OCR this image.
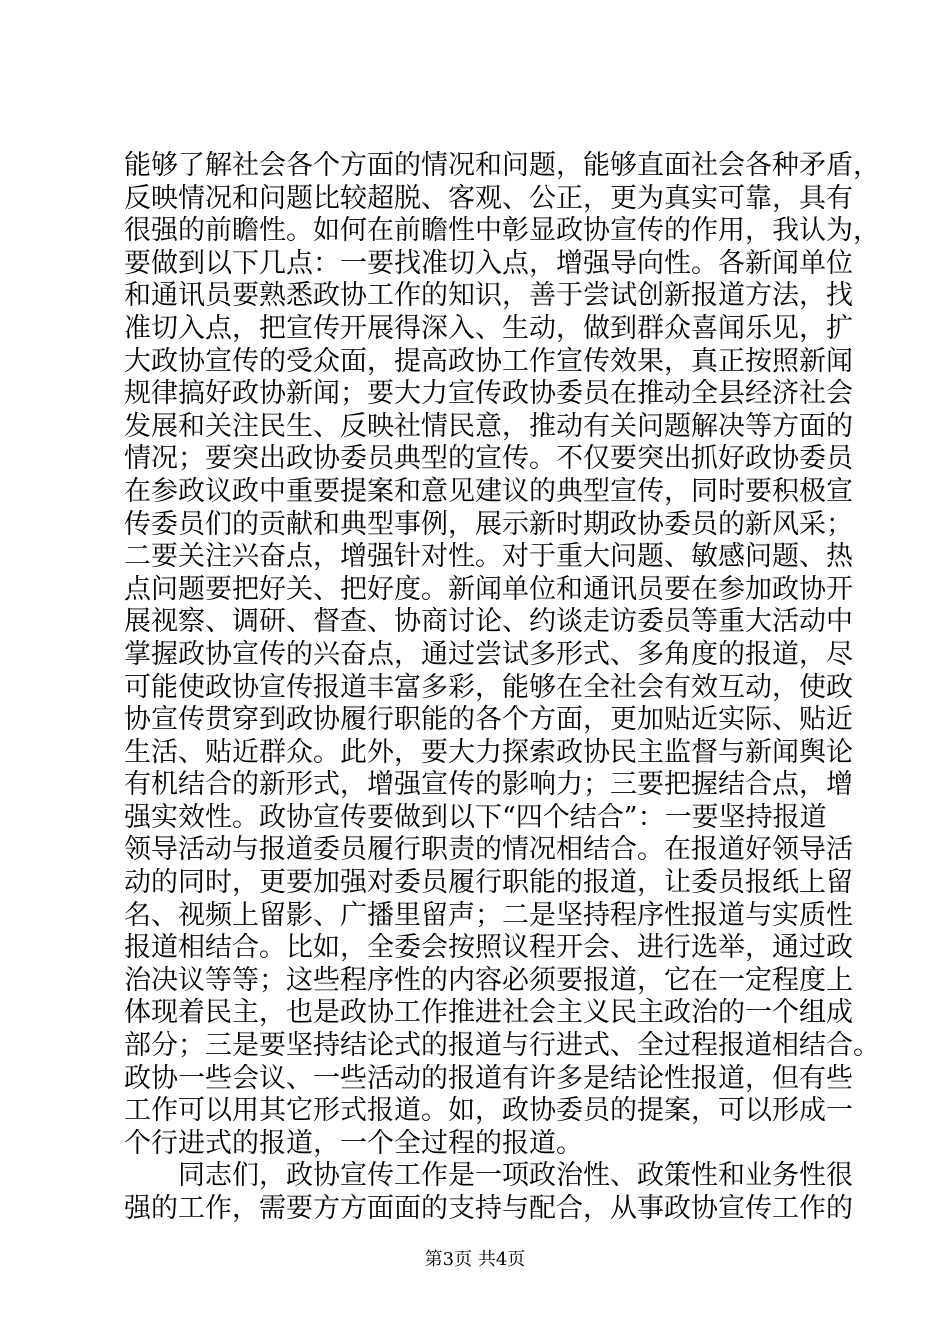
能够了解社会各个方面的情况和问题，能够直面社会各种矛盾，
反映情况和问题比较超脱、客观、公正，更为真实可靠，具有
很强的前瞻性。如何在前瞻性中彰显政协宣传的作用，我认为，
要做到以下几点：一要找准切入点，增强导向性。各新闻单位
和通讯员要熟悉政协工作的知识，善于尝试创新报道方法，找
准切入点，把宣传开展得深入、生动，做到群众喜闻乐见，扩
大政协宣传的受众面，提高政协工作宣传效果，真正按照新闻
规律搞好政协新闻；要大力宣传政协委员在推动全县经济社会
发展和关注民生、反映社情民意，推动有关问题解决等方面的
情况；要突出政协委员典型的宣传。不仅要突出抓好政协委员
在参政议政中重要提案和意见建议的典型宣传，同时要积极宣
传委员们的贡献和典型事例，展示新时期政协委员的新风采；
二要关注兴奋点，增强针对性。对于重大问题、敏感问题、热
点问题要把好关、把好度。新闻单位和通讯员要在参加政协开
展视察、调研、督查、协商讨论、约谈走访委员等重大活动中
掌握政协宣传的兴奋点，通过尝试多形式、多角度的报道，尽
可能使政协宣传报道丰富多彩，能够在全社会有效互动，使政
协宣传贯穿到政协履行职能的各个方面，更加贴近实际、贴近
生活、贴近群众。此外，要大力探索政协民主监督与新闻舆论
有机结合的新形式，增强宣传的影响力；三要把握结合点，增
强实效性。政协宣传要做到以下“四个结合”：一要坚持报道
领导活动与报道委员履行职责的情况相结合。在报道好领导活
动的同时，更要加强对委员履行职能的报道，让委员报纸上留
名、视频上留影、广播里留声；二是坚持程序性报道与实质性
报道相结合。比如，全委会按照议程开会、进行选举，通过政
治决议等等；这些程序性的内容必须要报道，它在一定程度上
体现着民主，也是政协工作推进社会主义民主政治的一个组成
部分；三是要坚持结论式的报道与行进式、全过程报道相结合。
政协一些会议、一些活动的报道有许多是结论性报道，但有些
工作可以用其它形式报道。如，政协委员的提案，可以形成一
个行进式的报道，一个全过程的报道。
同志们，政协宣传工作是一项政治性、政策性和业务性很
强的工作，需要方方面面的支持与配合，从事政协宣传工作的
第3页 共4页
